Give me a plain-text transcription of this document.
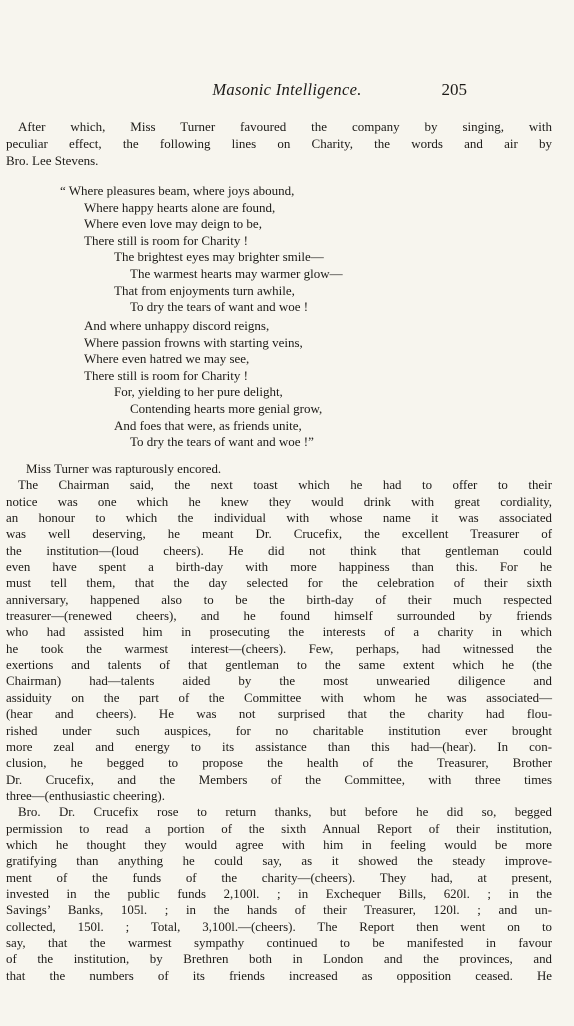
Masonic Intelligence.	205
After which, Miss Turner favoured the company by singing, with
peculiar effect, the following lines on Charity, the words and air by
Bro. Lee Stevens.
“ Where pleasures beam, where joys abound,
Where happy hearts alone are found,
Where even love may deign to be,
There still is room for Charity !
The brightest eyes may brighter smile—
The warmest hearts may warmer glow—
That from enjoyments turn awhile,
To dry the tears of want and woe !
And where unhappy discord reigns,
Where passion frowns with starting veins,
Where even hatred we may see,
There still is room for Charity !
For, yielding to her pure delight,
Contending hearts more genial grow,
And foes that were, as friends unite,
To dry the tears of want and woe !”
Miss Turner was rapturously encored.
The Chairman said, the next toast which he had to offer to their
notice was one which he knew they would drink with great cordiality,
an honour to which the individual with whose name it was associated
was well deserving, he meant Dr. Crucefix, the excellent Treasurer of
the institution—(loud cheers). He did not think that gentleman could
even have spent a birth-day with more happiness than this. For he
must tell them, that the day selected for the celebration of their sixth
anniversary, happened also to be the birth-day of their much respected
treasurer—(renewed cheers), and he found himself surrounded by friends
who had assisted him in prosecuting the interests of a charity in which
he took the warmest interest—(cheers). Few, perhaps, had witnessed the
exertions and talents of that gentleman to the same extent which he (the
Chairman) had—talents aided by the most unwearied diligence and
assiduity on the part of the Committee with whom he was associated—
(hear and cheers). He was not surprised that the charity had flou-
rished under such auspices, for no charitable institution ever brought
more zeal and energy to its assistance than this had—(hear). In con-
clusion, he begged to propose the health of the Treasurer, Brother
Dr. Crucefix, and the Members of the Committee, with three times
three—(enthusiastic cheering).
Bro. Dr. Crucefix rose to return thanks, but before he did so, begged
permission to read a portion of the sixth Annual Report of their institution,
which he thought they would agree with him in feeling would be more
gratifying than anything he could say, as it showed the steady improve-
ment of the funds of the charity—(cheers). They had, at present,
invested in the public funds 2,100l. ; in Exchequer Bills, 620l. ; in the
Savings’ Banks, 105l. ; in the hands of their Treasurer, 120l. ; and un-
collected, 150l. ; Total, 3,100l.—(cheers). The Report then went on to
say, that the warmest sympathy continued to be manifested in favour
of the institution, by Brethren both in London and the provinces, and
that the numbers of its friends increased as opposition ceased. He
